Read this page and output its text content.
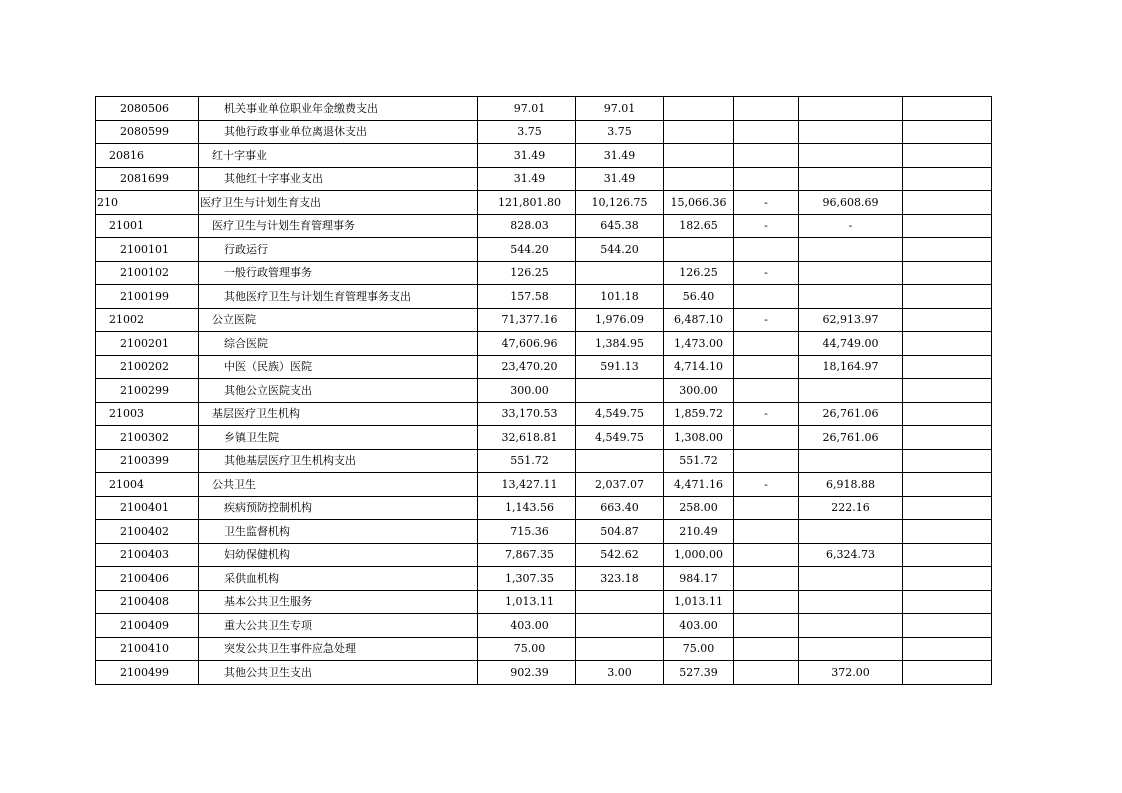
2080506	机关事业单位职业年金缴费支出	97.01	97.01				
2080599	其他行政事业单位离退休支出	3.75	3.75				
20816	红十字事业	31.49	31.49				
2081699	其他红十字事业支出	31.49	31.49				
210	医疗卫生与计划生育支出	121,801.80	10,126.75	15,066.36	-	96,608.69	
21001	医疗卫生与计划生育管理事务	828.03	645.38	182.65	-	-	
2100101	行政运行	544.20	544.20				
2100102	一般行政管理事务	126.25		126.25	-		
2100199	其他医疗卫生与计划生育管理事务支出	157.58	101.18	56.40			
21002	公立医院	71,377.16	1,976.09	6,487.10	-	62,913.97	
2100201	综合医院	47,606.96	1,384.95	1,473.00		44,749.00	
2100202	中医（民族）医院	23,470.20	591.13	4,714.10		18,164.97	
2100299	其他公立医院支出	300.00		300.00			
21003	基层医疗卫生机构	33,170.53	4,549.75	1,859.72	-	26,761.06	
2100302	乡镇卫生院	32,618.81	4,549.75	1,308.00		26,761.06	
2100399	其他基层医疗卫生机构支出	551.72		551.72			
21004	公共卫生	13,427.11	2,037.07	4,471.16	-	6,918.88	
2100401	疾病预防控制机构	1,143.56	663.40	258.00		222.16	
2100402	卫生监督机构	715.36	504.87	210.49			
2100403	妇幼保健机构	7,867.35	542.62	1,000.00		6,324.73	
2100406	采供血机构	1,307.35	323.18	984.17			
2100408	基本公共卫生服务	1,013.11		1,013.11			
2100409	重大公共卫生专项	403.00		403.00			
2100410	突发公共卫生事件应急处理	75.00		75.00			
2100499	其他公共卫生支出	902.39	3.00	527.39		372.00	
